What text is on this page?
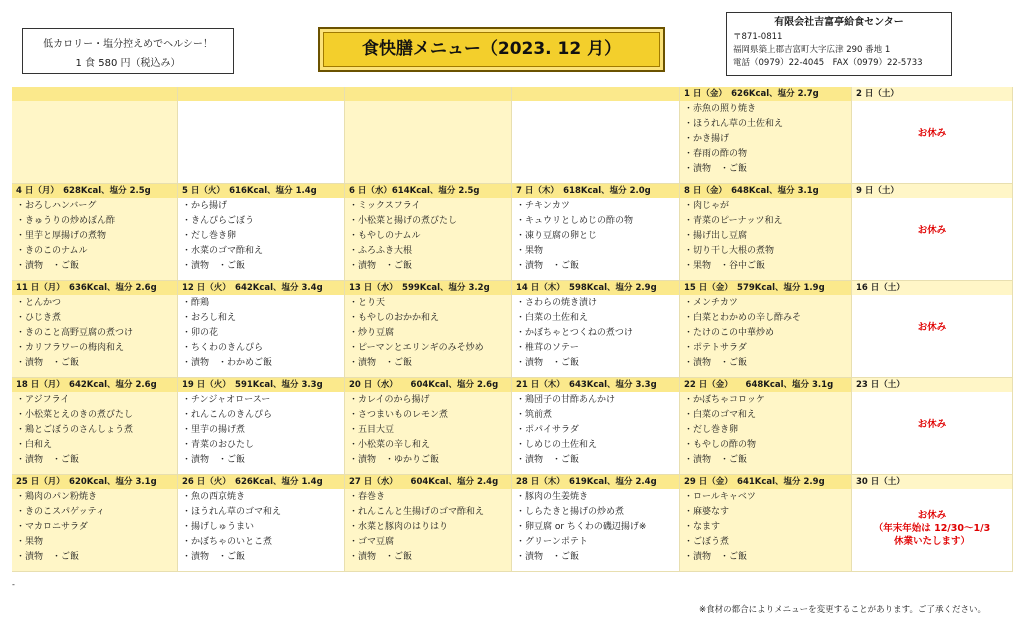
低カロリー・塩分控えめでヘルシー！
1 食 580 円（税込み）
食快膳メニュー（2023. 12 月）
有限会社吉富亭給食センター
〒871-0811
福岡県築上郡吉富町大字広津 290 番地 1
電話（0979）22-4045　FAX（0979）22-5733
1 日（金）　626Kcal、塩分 2.7g
・赤魚の照り焼き
・ほうれん草の土佐和え
・かき揚げ
・春雨の酢の物
・漬物　・ご飯
2 日（土）
お休み
4 日（月）　628Kcal、塩分 2.5g
・おろしハンバーグ
・きゅうりの炒めぽん酢
・里芋と厚揚げの煮物
・きのこのナムル
・漬物　・ご飯
5 日（火）　616Kcal、塩分 1.4g
・から揚げ
・きんぴらごぼう
・だし巻き卵
・水菜のゴマ酢和え
・漬物　・ご飯
6 日（水）614Kcal、塩分 2.5g
・ミックスフライ
・小松菜と揚げの煮びたし
・もやしのナムル
・ふろふき大根
・漬物　・ご飯
7 日（木）　618Kcal、塩分 2.0g
・チキンカツ
・キュウリとしめじの酢の物
・凍り豆腐の卵とじ
・果物
・漬物　・ご飯
8 日（金）　648Kcal、塩分 3.1g
・肉じゃが
・青菜のピーナッツ和え
・揚げ出し豆腐
・切り干し大根の煮物
・果物　・谷中ご飯
9 日（土）
お休み
11 日（月）　636Kcal、塩分 2.6g
・とんかつ
・ひじき煮
・きのこと高野豆腐の煮つけ
・カリフラワーの梅肉和え
・漬物　・ご飯
12 日（火）　642Kcal、塩分 3.4g
・酢鶏
・おろし和え
・卯の花
・ちくわのきんぴら
・漬物　・わかめご飯
13 日（水）　599Kcal、塩分 3.2g
・とり天
・もやしのおかか和え
・炒り豆腐
・ピーマンとエリンギのみそ炒め
・漬物　・ご飯
14 日（木）　598Kcal、塩分 2.9g
・さわらの焼き漬け
・白菜の土佐和え
・かぼちゃとつくねの煮つけ
・椎茸のソテー
・漬物　・ご飯
15 日（金）　579Kcal、塩分 1.9g
・メンチカツ
・白菜とわかめの辛し酢みそ
・たけのこの中華炒め
・ポテトサラダ
・漬物　・ご飯
16 日（土）
お休み
18 日（月）　642Kcal、塩分 2.6g
・アジフライ
・小松菜とえのきの煮びたし
・鶏とごぼうのさんしょう煮
・白和え
・漬物　・ご飯
19 日（火）　591Kcal、塩分 3.3g
・チンジャオロースー
・れんこんのきんぴら
・里芋の揚げ煮
・青菜のおひたし
・漬物　・ご飯
20 日（水）　　604Kcal、塩分 2.6g
・カレイのから揚げ
・さつまいものレモン煮
・五目大豆
・小松菜の辛し和え
・漬物　・ゆかりご飯
21 日（木）　643Kcal、塩分 3.3g
・鶏団子の甘酢あんかけ
・筑前煮
・ポパイサラダ
・しめじの土佐和え
・漬物　・ご飯
22 日（金）　　648Kcal、塩分 3.1g
・かぼちゃコロッケ
・白菜のゴマ和え
・だし巻き卵
・もやしの酢の物
・漬物　・ご飯
23 日（土）
お休み
25 日（月）　620Kcal、塩分 3.1g
・鶏肉のパン粉焼き
・きのこスパゲッティ
・マカロニサラダ
・果物
・漬物　・ご飯
26 日（火）　626Kcal、塩分 1.4g
・魚の西京焼き
・ほうれん草のゴマ和え
・揚げしゅうまい
・かぼちゃのいとこ煮
・漬物　・ご飯
27 日（水）　　604Kcal、塩分 2.4g
・春巻き
・れんこんと生揚げのゴマ酢和え
・水菜と豚肉のはりはり
・ゴマ豆腐
・漬物　・ご飯
28 日（木）　619Kcal、塩分 2.4g
・豚肉の生姜焼き
・しらたきと揚げの炒め煮
・卵豆腐 or ちくわの磯辺揚げ※
・グリーンポテト
・漬物　・ご飯
29 日（金）　641Kcal、塩分 2.9g
・ロールキャベツ
・麻婆なす
・なます
・ごぼう煮
・漬物　・ご飯
30 日（土）
お休み
（年末年始は 12/30～1/3
休業いたします）
-
※食材の都合によりメニューを変更することがあります。ご了承ください。
